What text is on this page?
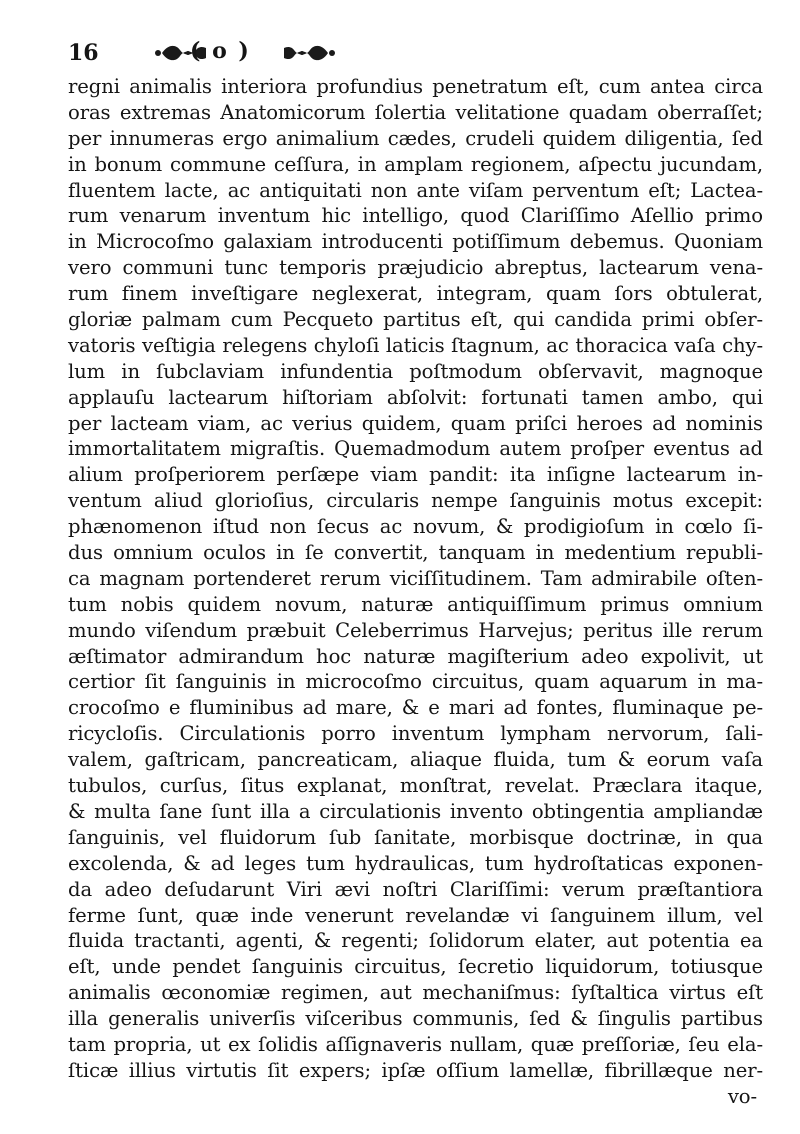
16	( o )
regni animalis interiora profundius penetratum eſt, cum antea circa
oras extremas Anatomicorum ſolertia velitatione quadam oberraſſet;
per innumeras ergo animalium cædes, crudeli quidem diligentia, ſed
in bonum commune ceſſura, in amplam regionem, aſpectu jucundam,
fluentem lacte, ac antiquitati non ante viſam perventum eſt; Lactea-
rum venarum inventum hic intelligo, quod Clariſſimo Aſellio primo
in Microcoſmo galaxiam introducenti potiſſimum debemus. Quoniam
vero communi tunc temporis præjudicio abreptus, lactearum vena-
rum finem inveſtigare neglexerat, integram, quam ſors obtulerat,
gloriæ palmam cum Pecqueto partitus eſt, qui candida primi obſer-
vatoris veſtigia relegens chyloſi laticis ſtagnum, ac thoracica vaſa chy-
lum in ſubclaviam infundentia poſtmodum obſervavit, magnoque
applauſu lactearum hiſtoriam abſolvit: fortunati tamen ambo, qui
per lacteam viam, ac verius quidem, quam priſci heroes ad nominis
immortalitatem migraſtis. Quemadmodum autem proſper eventus ad
alium proſperiorem perſæpe viam pandit: ita inſigne lactearum in-
ventum aliud glorioſius, circularis nempe ſanguinis motus excepit:
phænomenon iſtud non ſecus ac novum, & prodigioſum in cœlo ſi-
dus omnium oculos in ſe convertit, tanquam in medentium republi-
ca magnam portenderet rerum viciſſitudinem. Tam admirabile oſten-
tum nobis quidem novum, naturæ antiquiſſimum primus omnium
mundo viſendum præbuit Celeberrimus Harvejus; peritus ille rerum
æſtimator admirandum hoc naturæ magiſterium adeo expolivit, ut
certior ſit ſanguinis in microcoſmo circuitus, quam aquarum in ma-
crocoſmo e fluminibus ad mare, & e mari ad fontes, fluminaque pe-
ricycloſis. Circulationis porro inventum lympham nervorum, ſali-
valem, gaſtricam, pancreaticam, aliaque fluida, tum & eorum vaſa
tubulos, curſus, ſitus explanat, monſtrat, revelat. Præclara itaque,
& multa ſane ſunt illa a circulationis invento obtingentia ampliandæ
ſanguinis, vel fluidorum ſub ſanitate, morbisque doctrinæ, in qua
excolenda, & ad leges tum hydraulicas, tum hydroſtaticas exponen-
da adeo deſudarunt Viri ævi noſtri Clariſſimi: verum præſtantiora
ferme ſunt, quæ inde venerunt revelandæ vi ſanguinem illum, vel
fluida tractanti, agenti, & regenti; ſolidorum elater, aut potentia ea
eſt, unde pendet ſanguinis circuitus, ſecretio liquidorum, totiusque
animalis œconomiæ regimen, aut mechaniſmus: ſyſtaltica virtus eſt
illa generalis univerſis viſceribus communis, ſed & ſingulis partibus
tam propria, ut ex ſolidis aſſignaveris nullam, quæ preſſoriæ, ſeu ela-
ſticæ illius virtutis ſit expers; ipſæ oſſium lamellæ, fibrillæque ner-
vo-
